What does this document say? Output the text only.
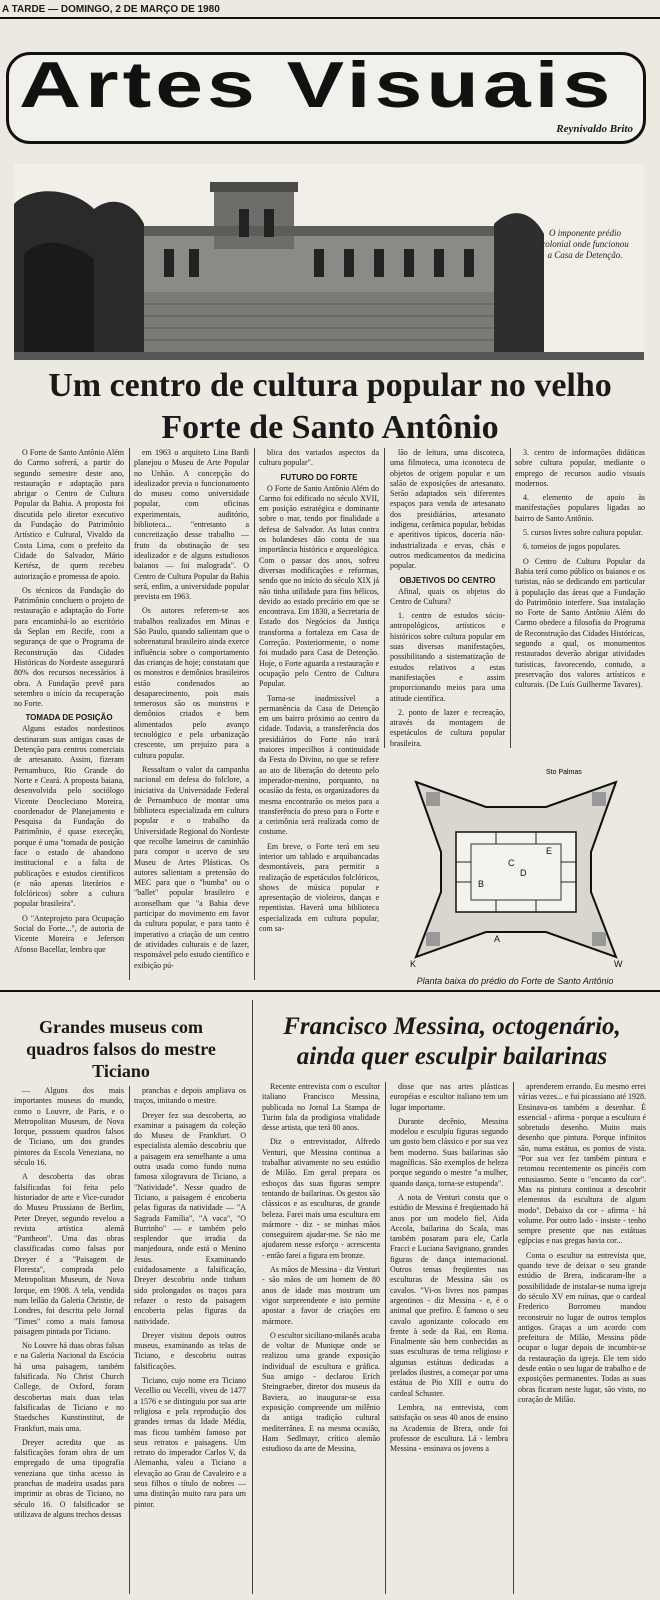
A TARDE — DOMINGO, 2 DE MARÇO DE 1980
Artes Visuais
Reynivaldo Brito
O imponente prédio colonial onde funcionou a Casa de Detenção.
Um centro de cultura popular no velho Forte de Santo Antônio

O Forte de Santo Antônio Além do Carmo sofrerá, a partir do segundo semestre deste ano, restauração e adaptação para abrigar o Centro de Cultura Popular da Bahia. A proposta foi discutida pelo diretor executivo da Fundação do Patrimônio Artístico e Cultural, Vivaldo da Costa Lima, com o prefeito da Cidade do Salvador, Mário Kertész, de quem recebeu autorização e promessa de apoio.

Os técnicos da Fundação do Patrimônio concluem o projeto de restauração e adaptação do Forte para encaminhá-lo ao escritório da Seplan em Recife, com a segurança de que o Programa de Reconstrução das Cidades Históricas do Nordeste assegurará 80% dos recursos necessários à obra. A Fundação prevê para setembro o início da recuperação no Forte.

TOMADA DE POSIÇÃO

Alguns estados nordestinos destinaram suas antigas casas de Detenção para centros comerciais de artesanato. Assim, fizeram Pernambuco, Rio Grande do Norte e Ceará. A proposta baiana, desenvolvida pelo sociólogo Vicente Deocleciano Moreira, coordenador de Planejamento e Pesquisa da Fundação do Patrimônio, é quase execeção, porque é uma "tomada de posição face o estado de abandono institucional e a falta de publicações e estudos científicos (e não apenas literários e folclóricos) sobre a cultura popular brasileira".

O "Anteprojeto para Ocupação Social do Forte...", de autoria de Vicente Moreira e Jeferson Afonso Bacellar, lembra que

em 1963 o arquiteto Lina Bardi planejou o Museu de Arte Popular no Unhão. A concepção do idealizador previa o funcionamento do museu como universidade popular, com oficinas experimentais, auditório, biblioteca... "entretanto a concretização desse trabalho — fruto da obstinação de seu idealizador e de alguns estudiosos baianos — foi malograda". O Centro de Cultura Popular da Bahia será, enfim, a universidade popular prevista em 1963.

Os autores referem-se aos trabalhos realizados em Minas e São Paulo, quando salientam que o sobrenatural brasileiro ainda exerce influência sobre o comportamento das crianças de hoje; constatam que os monstros e demônios brasileiros estão condenados ao desaparecimento, pois mais temerosos são os monstros e demônios criados e bem alimentados pelo avanço tecnológico e pela urbanização crescente, um prejuízo para a cultura popular.

Ressaltam o valor da campanha nacional em defesa do folclore, a iniciativa da Universidade Federal de Pernambuco de montar uma biblioteca especializada em cultura popular e o trabalho da Universidade Regional do Nordeste que recolhe lameiros de caminhão para compor o acervo de seu Museu de Artes Plásticas. Os autores salientam a pretensão do MEC para que o "bumba" ou o "ballet" popular brasileiro e aconselham que "a Bahia deve participar do movimento em favor da cultura popular, e para tanto é imperativo a criação de um centro de atividades culturais e de lazer, responsável pelo estudo científico e exibição pú-

blica dos variados aspectos da cultura popular".

FUTURO DO FORTE

O Forte de Santo Antônio Além do Carmo foi edificado no século XVII, em posição estratégica e dominante sobre o mar, tendo por finalidade a defesa de Salvador. As lutas contra os holandeses dão conta de sua importância histórica e arqueológica. Com o passar dos anos, sofreu diversas modificações e reformas, sendo que no início do século XIX já não tinha utilidade para fins bélicos, devido ao estado precário em que se encontrava. Em 1830, a Secretaria de Estado dos Negócios da Justiça transforma a fortaleza em Casa de Correção. Posteriormente, o nome foi mudado para Casa de Detenção. Hoje, o Forte aguarda a restauração e ocupação pelo Centro de Cultura Popular.

Torna-se inadmissível a permanência da Casa de Detenção em um bairro próximo ao centro da cidade. Todavia, a transferência dos presidiários do Forte não trará maiores impecilhos à continuidade da Festa do Divino, no que se refere ao ato de liberação do detento pelo imperador-menino, porquanto, na ocasião da festa, os organizadores da mesma encontrarão os meios para a transferência do preso para o Forte e a cerimônia será realizada como de costume.

Em breve, o Forte terá em seu interior um tablado e arquibancadas desmontáveis, para permitir a realização de espetáculos folclóricos, shows de música popular e apresentação de violeiros, danças e repentistas. Haverá uma biblioteca especializada em cultura popular, com sa-

lão de leitura, uma discoteca, uma filmoteca, uma iconoteca de objetos de origem popular e um salão de exposições de artesanato. Serão adaptados seis diferentes espaços para venda de artesanato dos presidiários, artesanato indígena, cerâmica popular, bebidas e aperitivos típicos, doceria não-industrializada e ervas, chás e outros medicamentos da medicina popular.

OBJETIVOS DO CENTRO

Afinal, quais os objetos do Centro de Cultura?

1. centro de estudos sócio-antropológicos, artísticos e históricos sobre cultura popular em suas diversas manifestações, possibilitando a sistematização de estudos relativos a estas manifestações e assim proporcionando meios para uma atitude científica.

2. ponto de lazer e recreação, através da montagem de espetáculos de cultura popular brasileira.

3. centro de informações didáticas sobre cultura popular, mediante o emprego de recursos audio visuais modernos.

4. elemento de apoio às manifestações populares ligadas ao bairro de Santo Antônio.

5. cursos livres sobre cultura popular.

6. torneios de jogos populares.

O Centro de Cultura Popular da Bahia terá como público os baianos e os turistas, não se dedicando em particular à população das áreas que a Fundação do Patrimônio interfere. Sua instalação no Forte de Santo Antônio Além do Carmo obedece a filosofia do Programa de Reconstrução das Cidades Históricas, segundo a qual, os monumentos restaurados deverão abrigar atividades turísticas, favorecendo, contudo, a preservação dos valores artísticos e culturais. (De Luís Guilherme Tavares).

Sto Palmas
A
B
C
D
E
K	W
Planta baixa do prédio do Forte de Santo Antônio
Grandes museus com quadros falsos do mestre Ticiano

— Alguns dos mais importantes museus do mundo, como o Louvre, de Paris, e o Metropolitan Museum, de Nova Iorque, possuem quadros falsos de Ticiano, um dos grandes pintores da Escola Veneziana, no século 16.

A descoberta das obras falsificadas foi feita pelo historiador de arte e Vice-curador do Museu Prussiano de Berlim, Peter Dreyer, segundo revelou a revista artística alemã "Pantheon". Uma das obras classificadas como falsas por Dreyer é a "Paisagem de Floresta", comprada pelo Metropolitan Museum, de Nova Iorque, em 1908. A tela, vendida num leilão da Galeria Christie, de Londres, foi descrita pelo Jornal "Times" como a mais famosa paisagem pintada por Ticiano.

No Louvre há duas obras falsas e na Galeria Nacional da Escócia há uma paisagem, também falsificada. No Christ Church College, de Oxford, foram descobertas mais duas telas falsificadas de Ticiano e no Staedsches Kunstinstitut, de Frankfurt, mais uma.

Dreyer acredita que as falsificações foram obra de um empregado de uma tipografia veneziana que tinha acesso às pranchas de madeira usadas para imprimir as obras de Ticiano, no século 16. O falsificador se utilizava de alguns trechos dessas

pranchas e depois ampliava os traços, imitando o mestre.

Dreyer fez sua descoberta, ao examinar a paisagem da coleção do Museu de Frankfurt. O especialista alemão descobriu que a paisagem era semelhante a uma outra usada como fundo numa famosa xilogravura de Ticiano, a "Natividade". Nesse quadro de Ticiano, a paisagem é encoberta pelas figuras da natividade — "A Sagrada Família", "A vaca", "O Burrinho" — e também pelo resplendor que irradia da manjedoura, onde está o Menino Jesus. Examinando cuidadosamente a falsificação, Dreyer descobriu onde tinham sido prolongados os traços para refazer o resto da paisagem encoberta pelas figuras da natividade.

Dreyer visitou depois outros museus, examinando as telas de Ticiano, e descobriu outras falsificações.

Ticiano, cujo nome era Ticiano Vecellio ou Vecelli, viveu de 1477 a 1576 e se distinguiu por sua arte religiosa e pela reprodução dos grandes temas da Idade Média, mas ficou também famoso por seus retratos e paisagens. Um retrato do imperador Carlos V, da Alemanha, valeu a Ticiano a elevação ao Grau de Cavaleiro e a seus filhos o título de nobres — uma distinção muito rara para um pintor.

Francisco Messina, octogenário, ainda quer esculpir bailarinas

Recente entrevista com o escultor italiano Francisco Messina, publicada no Jornal La Stampa de Turim fala da prodigiosa vitalidade desse artista, que terá 80 anos.

Diz o entrevistador, Alfredo Venturi, que Messina continua a trabalhar ativamente no seu estúdio de Milão. Em geral prepara os esboços das suas figuras sempre tentando de bailarinas. Os gestos são clássicos e as esculturas, de grande beleza. Farei mais uma escultura em mármore - diz - se minhas mãos conseguirem ajudar-me. Se não me ajudarem nesse esforço - acrescenta - então farei a figura em bronze.

As mãos de Messina - diz Venturi - são mãos de um homem de 80 anos de idade mas mostram um vigor surpreendente e isto permite apostar a favor de criações em mármore.

O escultor siciliano-milanês acaba de voltar de Munique onde se realizou uma grande exposição individual de escultura e gráfica. Sua amigo - declarou Erich Steingraeber, diretor dos museus da Baviera, ao inaugurar-se essa exposição compreende um milênio da antiga tradição cultural mediterrânea. E na mesma ocasião, Hans Sedlmayr, crítico alemão estudioso da arte de Messina,

disse que nas artes plásticas européias e escultor italiano tem um lugar importante.

Durante decênio, Messina modelou e esculpiu figuras segundo um gosto bem clássico e por sua vez bem moderno. Suas bailarinas são magníficas. São exemplos de beleza porque segundo o mestre "a mulher, quando dança, torna-se estupenda".

A nota de Venturi consta que o estúdio de Messina é freqüentado há anos por um modelo fiel, Aida Accola, bailarina do Scala, mas também posaram para ele, Carla Fracci e Luciana Savignano, grandes figuras de dança internacional. Outros temas freqüentes nas esculturas de Messina são os cavalos. "Vi-os livres nos pampas argentinos - diz Messina - e, é o animal que prefiro. É famoso o seu cavalo agonizante colocado em frente à sede da Rai, em Roma. Finalmente são bem conhecidas as suas esculturas de tema religioso e algumas estátuas dedicadas a prelados ilustres, a começar por uma estátua de Pio XIII e outra do cardeal Schuster.

Lembra, na entrevista, com satisfação os seus 40 anos de ensino na Academia de Brera, onde foi professor de escultura. Lá - lembra Messina - ensinava os jovens a

aprenderem errando. Eu mesmo errei várias vezes... e fui picassiano até 1928. Ensinava-os também a desenhar. É essencial - afirma - porque a escultura é sobretudo desenho. Muito mais desenho que pintura. Porque infinitos são, numa estátua, os pontos de vista. "Por sua vez fez também pintura e retomou recentemente os pincéis com entusiasmo. Sente o "encanto da cor". Mas na pintura continua a descobrir elementos da escultura de algum modo". Debaixo da cor - afirma - há volume. Por outro lado - insiste - tenho sempre presente que nas estátuas egípcias e nas gregas havia cor...

Conta o escultor na entrevista que, quando teve de deixar o seu grande estúdio de Brera, indicaram-lhe a possibilidade de instalar-se numa igreja do século XV em ruínas, que o cardeal Frederico Borromeu mandou reconstruir no lugar de outros templos antigos. Graças a um acordo com prefeitura de Milão, Messina pôde ocupar o lugar depois de incumbir-se da restauração da igreja. Ele tem sido desde então o seu lugar de trabalho e de exposições permanentes. Todas as suas obras ficaram neste lugar, são visto, no coração de Milão.
